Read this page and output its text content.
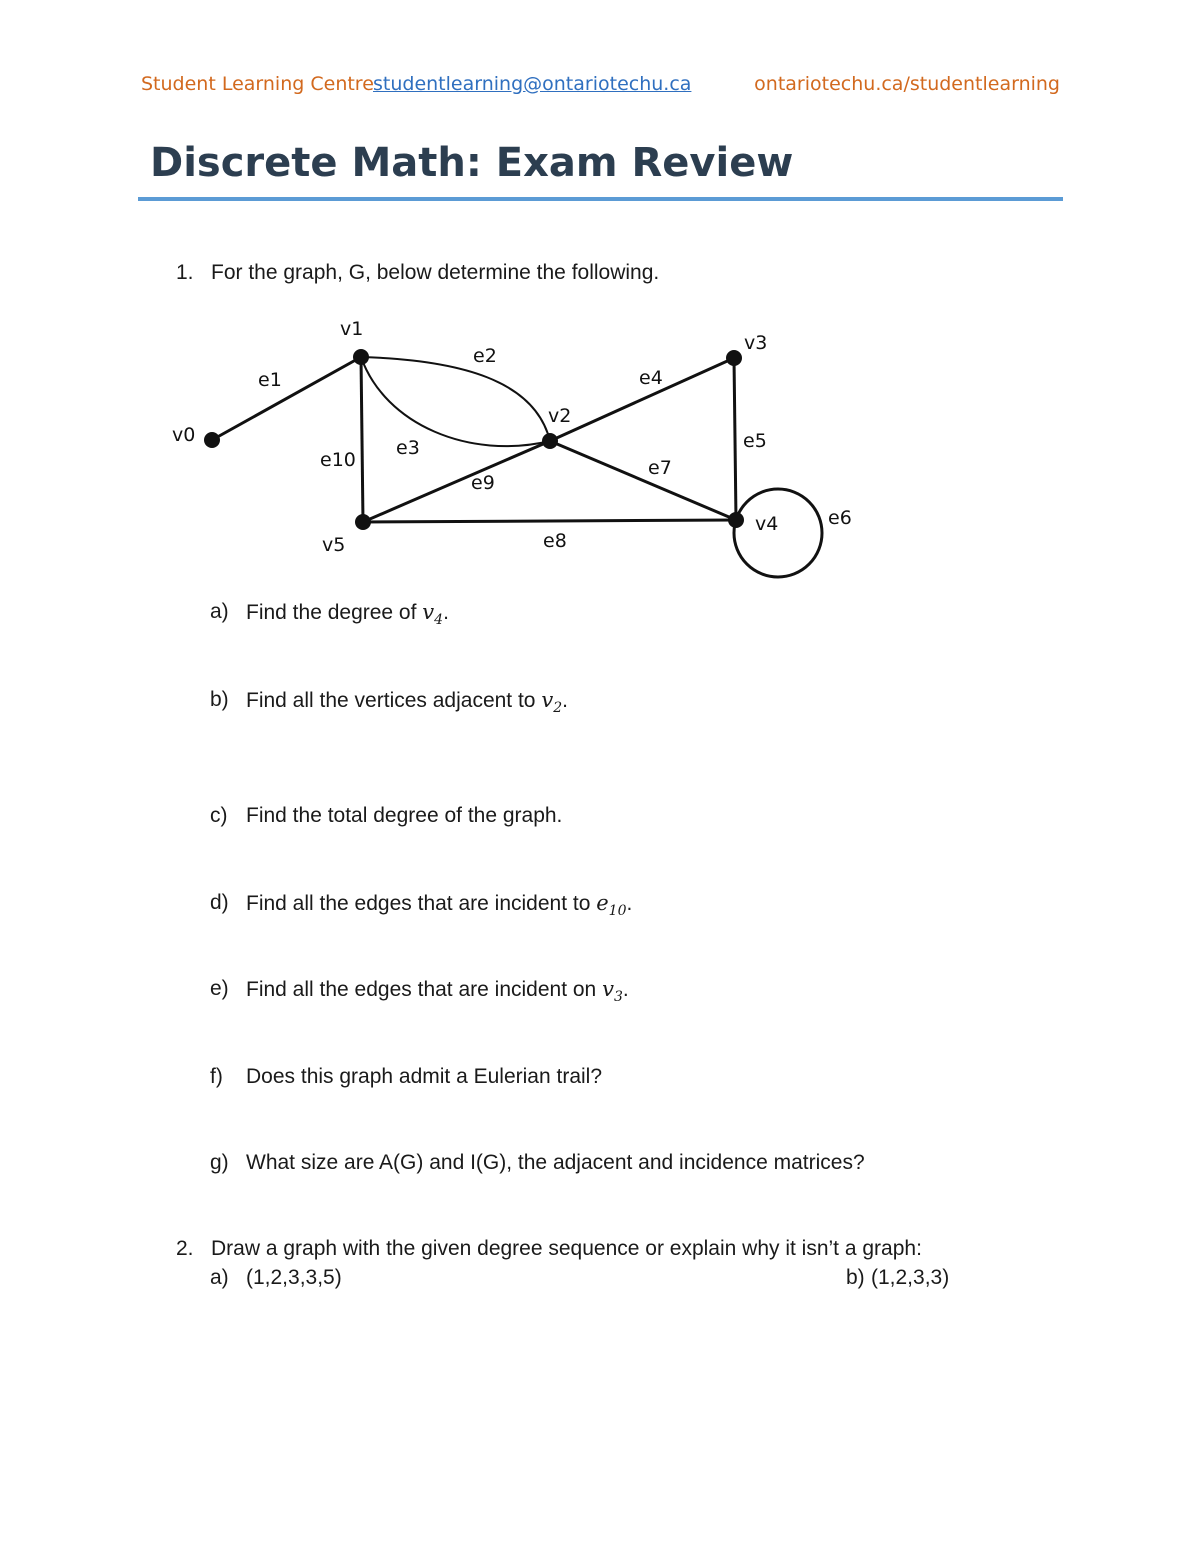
Student Learning Centre studentlearning@ontariotechu.ca	ontariotechu.ca/studentlearning
Discrete Math: Exam Review
1. For the graph, G, below determine the following.
v0
v1
v2
v3
v4
v5
e1
e2
e3
e4
e5
e6
e7
e8
e9
e10
a) Find the degree of $v_4$.
b) Find all the vertices adjacent to $v_2$.
c) Find the total degree of the graph.
d) Find all the edges that are incident to $e_{10}$.
e) Find all the edges that are incident on $v_3$.
f) Does this graph admit a Eulerian trail?
g) What size are A(G) and I(G), the adjacent and incidence matrices?
2. Draw a graph with the given degree sequence or explain why it isn’t a graph:
a) (1,2,3,3,5)	b) (1,2,3,3)
